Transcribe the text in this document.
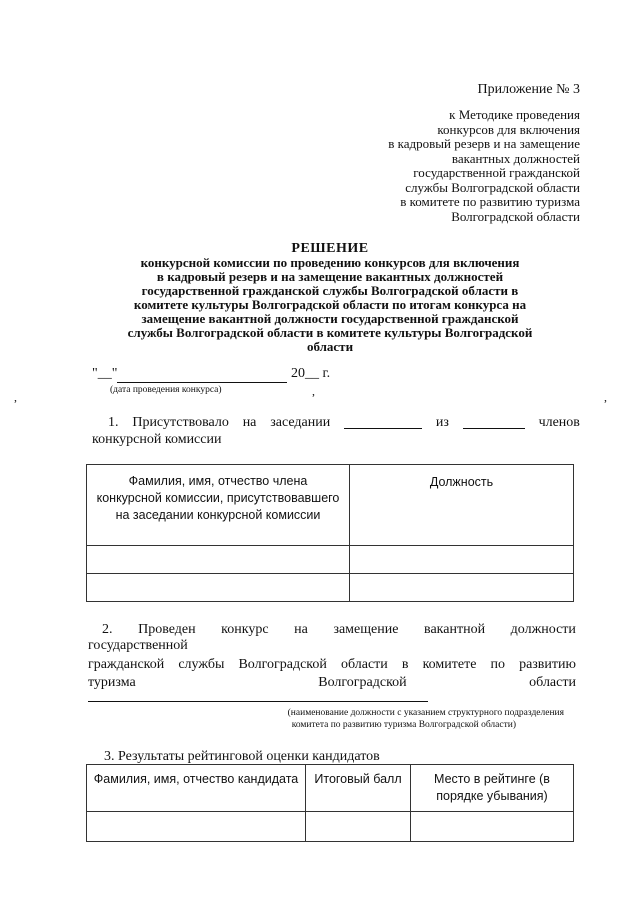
Приложение № 3
к Методике проведения
конкурсов для включения
в кадровый резерв и на замещение
вакантных должностей
государственной гражданской
службы Волгоградской области
в комитете по развитию туризма
Волгоградской области
РЕШЕНИЕ
конкурсной комиссии по проведению конкурсов для включения
в кадровый резерв и на замещение вакантных должностей
государственной гражданской службы Волгоградской области в
комитете культуры Волгоградской области по итогам конкурса на
замещение вакантной должности государственной гражданской
службы Волгоградской области в комитете культуры Волгоградской
области
,	,
"__"	20__ г.
(дата проведения конкурса)	,
1. Присутствовало на заседании	из	членов
конкурсной комиссии
Фамилия, имя, отчество члена конкурсной комиссии, присутствовавшего на заседании конкурсной комиссии	Должность

2. Проведен конкурс на замещение вакантной должности
государственной
гражданской службы Волгоградской области в комитете по развитию
туризма	Волгоградской	области
(наименование должности с указанием структурного подразделения
комитета по развитию туризма Волгоградской области)
3. Результаты рейтинговой оценки кандидатов
Фамилия, имя, отчество кандидата	Итоговый балл	Место в рейтинге (в порядке убывания)
